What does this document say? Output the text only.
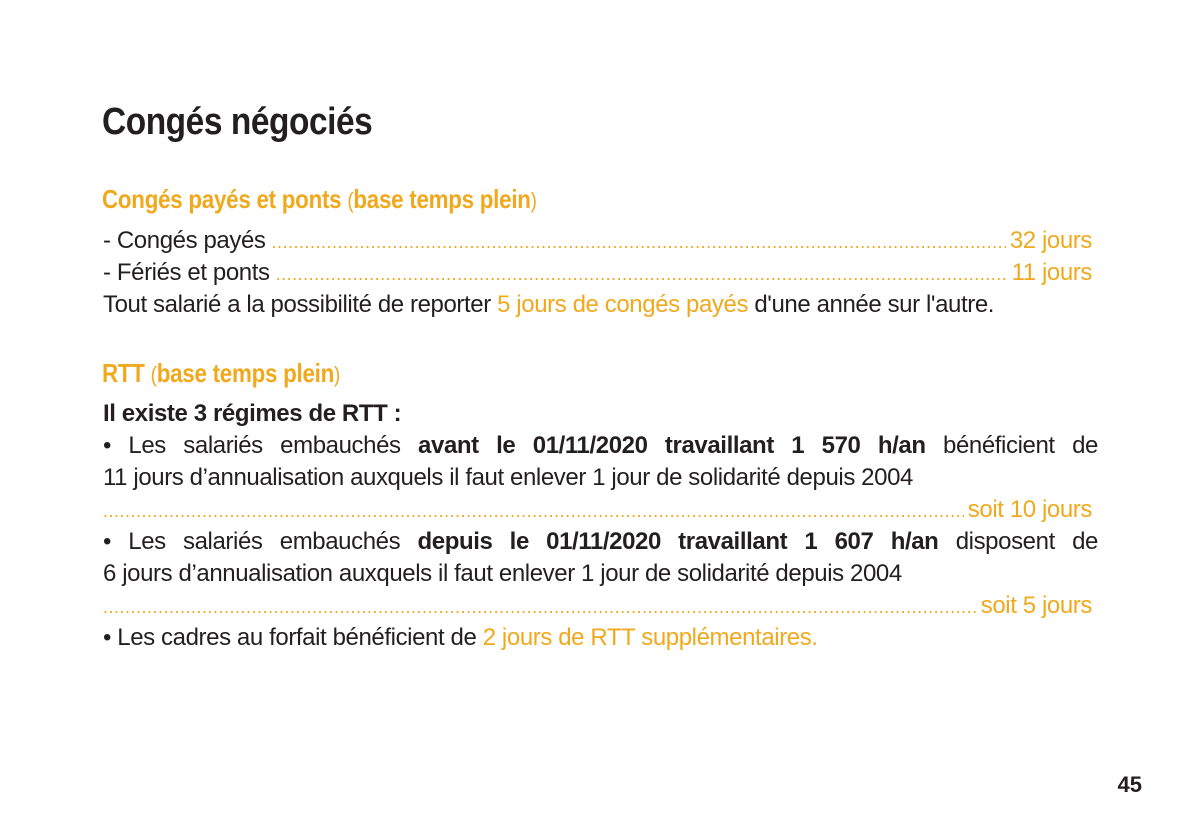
Congés négociés
Congés payés et ponts (base temps plein)
- Congés payés .....	32 jours
- Fériés et ponts .....	11 jours
Tout salarié a la possibilité de reporter 5 jours de congés payés d'une année sur l'autre.
RTT (base temps plein)
Il existe 3 régimes de RTT :
• Les salariés embauchés avant le 01/11/2020 travaillant 1 570 h/an bénéficient de
11 jours d’annualisation auxquels il faut enlever 1 jour de solidarité depuis 2004
.....
soit 10 jours
• Les salariés embauchés depuis le 01/11/2020 travaillant 1 607 h/an disposent de
6 jours d’annualisation auxquels il faut enlever 1 jour de solidarité depuis 2004
.....
soit 5 jours
• Les cadres au forfait bénéficient de 2 jours de RTT supplémentaires.
45
